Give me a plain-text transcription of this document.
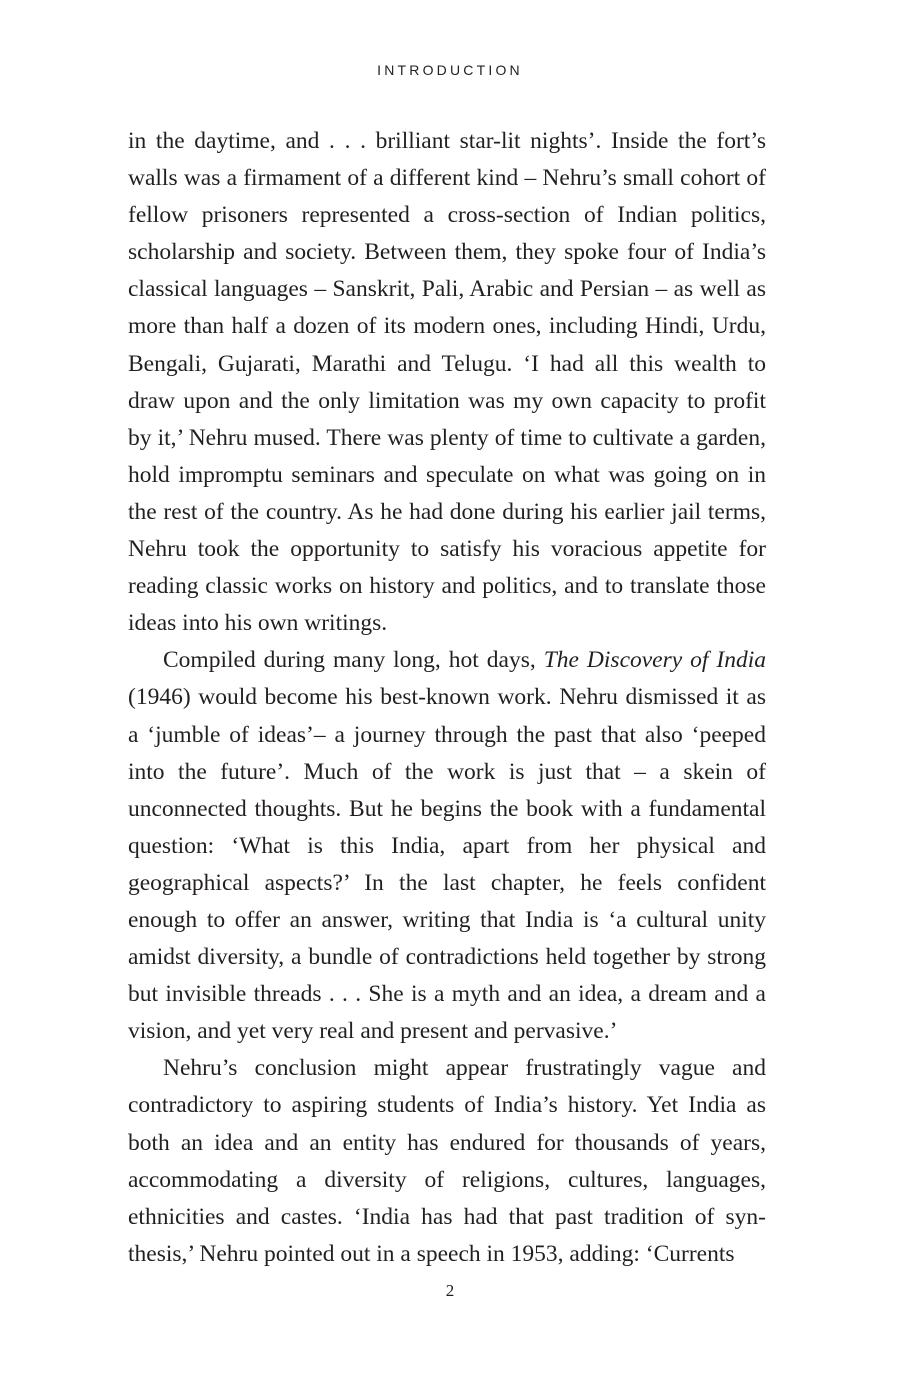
INTRODUCTION

in the daytime, and . . . brilliant star-lit nights’. Inside the fort’s walls was a firmament of a different kind – Nehru’s small cohort of fellow prisoners represented a cross-section of Indian politics, scholarship and society. Between them, they spoke four of India’s classical languages – Sanskrit, Pali, Arabic and Persian – as well as more than half a dozen of its modern ones, including Hindi, Urdu, Bengali, Gujarati, Marathi and Telugu. ‘I had all this wealth to draw upon and the only limitation was my own capacity to profit by it,’ Nehru mused. There was plenty of time to cultivate a garden, hold impromptu seminars and speculate on what was going on in the rest of the country. As he had done during his earlier jail terms, Nehru took the opportunity to satisfy his voracious appetite for reading classic works on history and politics, and to translate those ideas into his own writings.

Compiled during many long, hot days, The Discovery of India (1946) would become his best-known work. Nehru dismissed it as a ‘jumble of ideas’– a journey through the past that also ‘peeped into the future’. Much of the work is just that – a skein of unconnected thoughts. But he begins the book with a fundamental question: ‘What is this India, apart from her physical and geographical aspects?’ In the last chapter, he feels confident enough to offer an answer, writing that India is ‘a cultural unity amidst diversity, a bundle of contradictions held together by strong but invisible threads . . . She is a myth and an idea, a dream and a vision, and yet very real and present and pervasive.’

Nehru’s conclusion might appear frustratingly vague and contradictory to aspiring students of India’s history. Yet India as both an idea and an entity has endured for thousands of years, accommodating a diversity of religions, cultures, languages, ethnicities and castes. ‘India has had that past tradition of synthesis,’ Nehru pointed out in a speech in 1953, adding: ‘Currents

2
